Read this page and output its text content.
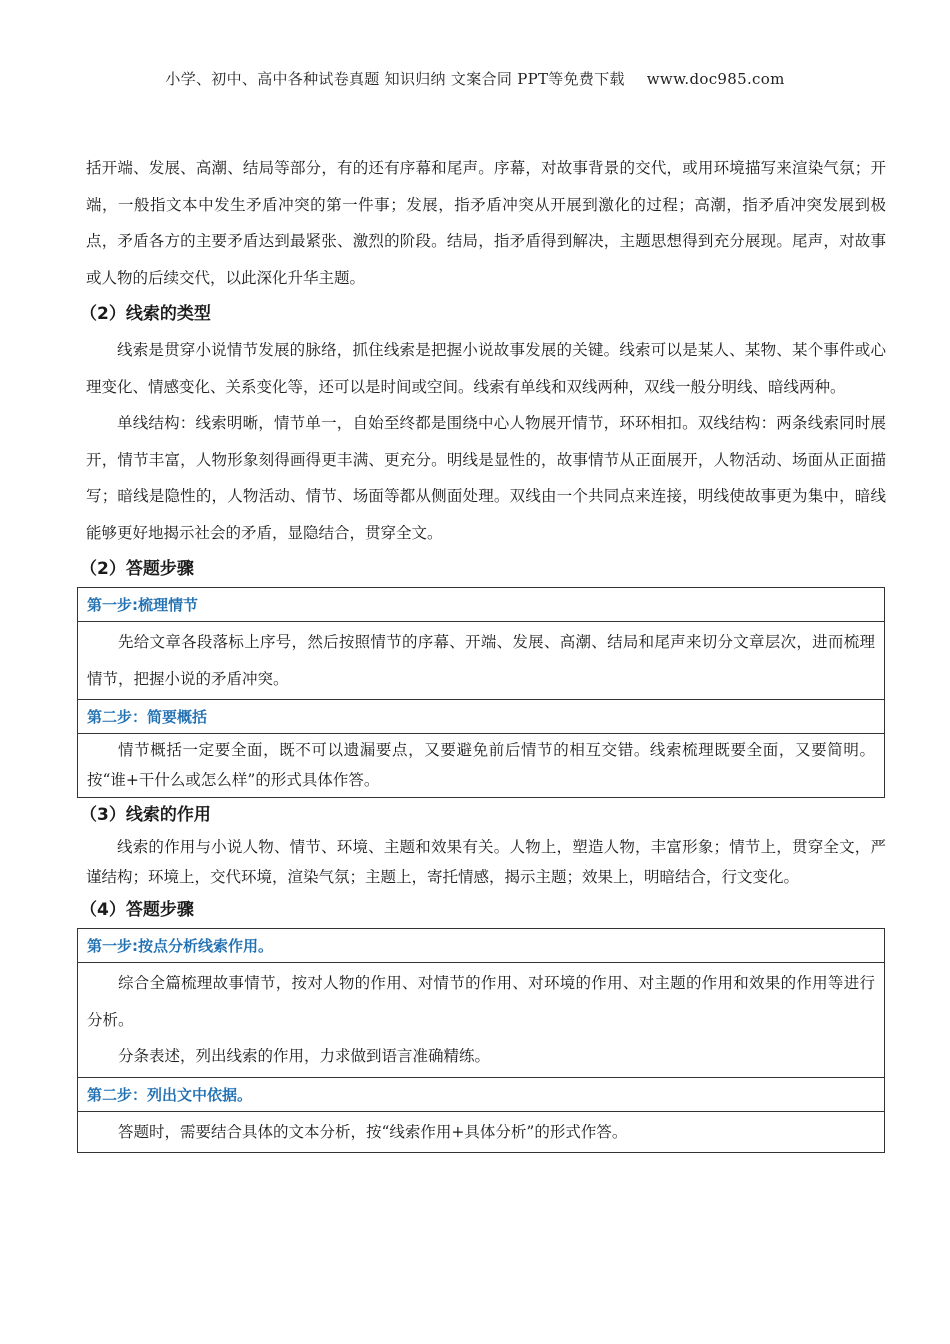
小学、初中、高中各种试卷真题 知识归纳 文案合同 PPT等免费下载 www.doc985.com

括开端、发展、高潮、结局等部分，有的还有序幕和尾声。序幕，对故事背景的交代，或用环境描写来渲染气氛；开端，一般指文本中发生矛盾冲突的第一件事；发展，指矛盾冲突从开展到激化的过程；高潮，指矛盾冲突发展到极点，矛盾各方的主要矛盾达到最紧张、激烈的阶段。结局，指矛盾得到解决，主题思想得到充分展现。尾声，对故事或人物的后续交代，以此深化升华主题。

（2）线索的类型

线索是贯穿小说情节发展的脉络，抓住线索是把握小说故事发展的关键。线索可以是某人、某物、某个事件或心理变化、情感变化、关系变化等，还可以是时间或空间。线索有单线和双线两种，双线一般分明线、暗线两种。

单线结构：线索明晰，情节单一，自始至终都是围绕中心人物展开情节，环环相扣。双线结构：两条线索同时展开，情节丰富，人物形象刻得画得更丰满、更充分。明线是显性的，故事情节从正面展开，人物活动、场面从正面描写；暗线是隐性的，人物活动、情节、场面等都从侧面处理。双线由一个共同点来连接，明线使故事更为集中，暗线能够更好地揭示社会的矛盾，显隐结合，贯穿全文。

（2）答题步骤
第一步:梳理情节

先给文章各段落标上序号，然后按照情节的序幕、开端、发展、高潮、结局和尾声来切分文章层次，进而梳理情节，把握小说的矛盾冲突。

第二步：简要概括

情节概括一定要全面，既不可以遗漏要点，又要避免前后情节的相互交错。线索梳理既要全面，又要简明。按“谁+干什么或怎么样”的形式具体作答。

（3）线索的作用

线索的作用与小说人物、情节、环境、主题和效果有关。人物上，塑造人物，丰富形象；情节上，贯穿全文，严谨结构；环境上，交代环境，渲染气氛；主题上，寄托情感，揭示主题；效果上，明暗结合，行文变化。

（4）答题步骤
第一步:按点分析线索作用。

综合全篇梳理故事情节，按对人物的作用、对情节的作用、对环境的作用、对主题的作用和效果的作用等进行分析。

分条表述，列出线索的作用，力求做到语言准确精练。

第二步：列出文中依据。

答题时，需要结合具体的文本分析，按“线索作用+具体分析”的形式作答。
